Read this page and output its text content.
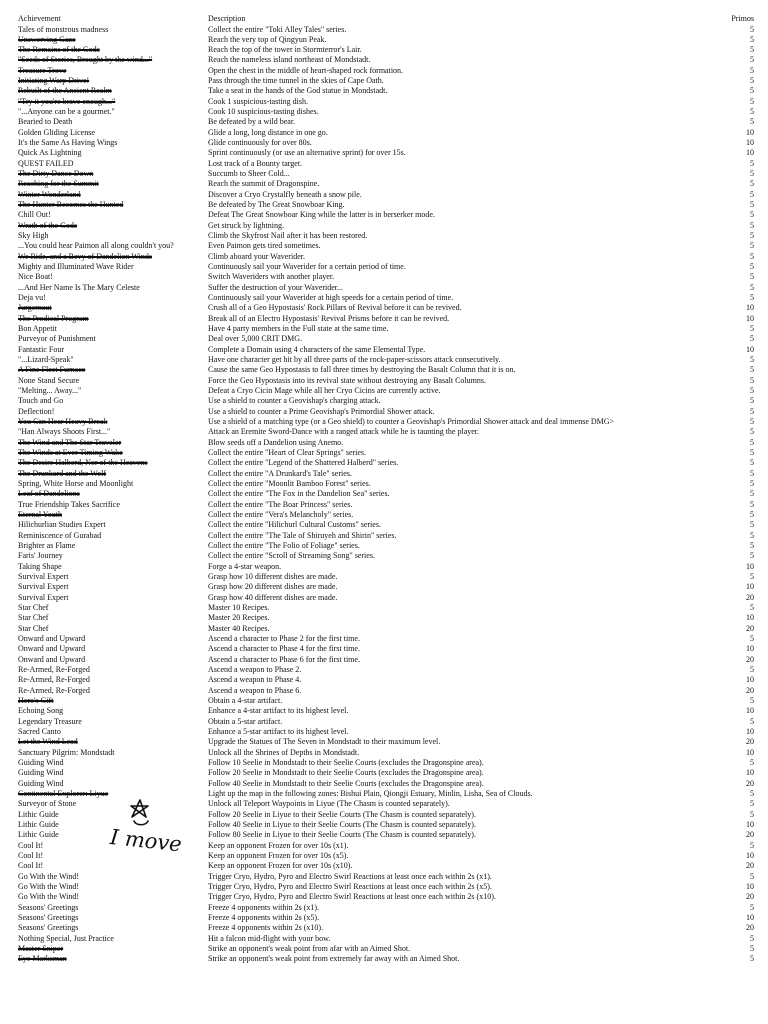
Achievement	Description	Primos
Tales of monstrous madness	Collect the entire "Toki Alley Tales" series.	5
Unswerving Gaze	Reach the very top of Qingyun Peak.	5
The Remains of the Gods	Reach the top of the tower in Stormterror's Lair.	5
"Seeds of Stories, Brought by the wind..."	Reach the nameless island northeast of Mondstadt.	5
Treasure Trove	Open the chest in the middle of heart-shaped rock formation.	5
Initiating Warp Drive!	Pass through the time tunnel in the skies of Cape Oath.	5
Rebuilt of the Ancient Realm	Take a seat in the hands of the God statue in Mondstadt.	5
"Try it you're brave enough..."	Cook 1 suspicious-tasting dish.	5
"...Anyone can be a gourmet."	Cook 10 suspicious-tasting dishes.	5
Bearied to Death	Be defeated by a wild bear.	5
Golden Gliding License	Glide a long, long distance in one go.	10
It's the Same As Having Wings	Glide continuously for over 80s.	10
Quick As Lightning	Sprint continuously (or use an alternative sprint) for over 15s.	10
QUEST FAILED	Lost track of a Bounty target.	5
The Dirty Dance Down	Succumb to Sheer Cold...	5
Reaching for the Summit	Reach the summit of Dragonspine.	5
Winter Wonderland	Discover a Cryo Crystalfly beneath a snow pile.	5
The Hunter Becomes the Hunted	Be defeated by The Great Snowboar King.	5
Chill Out!	Defeat The Great Snowboar King while the latter is in berserker mode.	5
Wrath of the Gods	Get struck by lightning.	5
Sky High	Climb the Skyfrost Nail after it has been restored.	5
...You could hear Paimon all along couldn't you?	Even Paimon gets tired sometimes.	5
We Ride, and a Bevy of Dandelion Winds	Climb aboard your Waverider.	5
Mighty and Illuminated Wave Rider	Continuously sail your Waverider for a certain period of time.	5
Nice Boat!	Switch Waveriders with another player.	5
...And Her Name Is The Mary Celeste	Suffer the destruction of your Waverider...	5
Deja vu!	Continuously sail your Waverider at high speeds for a certain period of time.	5
Jurgernaut	Crush all of a Geo Hypostasis' Rock Pillars of Revival before it can be revived.	10
The Prodical Program	Break all of an Electro Hypostasis' Revival Prisms before it can be revived.	10
Bon Appetit	Have 4 party members in the Full state at the same time.	5
Purveyor of Punishment	Deal over 5,000 CRIT DMG.	5
Fantastic Four	Complete a Domain using 4 characters of the same Elemental Type.	10
"...Lizard-Speak"	Have one character get hit by all three parts of the rock-paper-scissors attack consecutively.	5
A Fine Fleet Furnace	Cause the same Geo Hypostasis to fall three times by destroying the Basalt Column that it is on.	5
None Stand Secure	Force the Geo Hypostasis into its revival state without destroying any Basalt Columns.	5
"Melting... Away..."	Defeat a Cryo Cicin Mage while all her Cryo Cicins are currently active.	5
Touch and Go	Use a shield to counter a Geovishap's charging attack.	5
Deflection!	Use a shield to counter a Prime Geovishap's Primordial Shower attack.	5
You Can Hear Heavy Break	Use a shield of a matching type (or a Geo shield) to counter a Geovishap's Primordial Shower attack and deal immense DMG>	5
"Han Always Shoots First..."	Attack an Eremite Sword-Dance with a ranged attack while he is taunting the player.	5
The Wind and The Star Traveler	Blow seeds off a Dandelion using Anemo.	5
The Winds at Ever Timing Wake	Collect the entire "Heart of Clear Springs" series.	5
The Desire Halberd, Nor of the Heavens	Collect the entire "Legend of the Shattered Halberd" series.	5
The Drunkard and the Wolf	Collect the entire "A Drunkard's Tale" series.	5
Spring, White Horse and Moonlight	Collect the entire "Moonlit Bamboo Forest" series.	5
Leaf of Dandelions	Collect the entire "The Fox in the Dandelion Sea" series.	5
True Friendship Takes Sacrifice	Collect the entire "The Boar Princess" series.	5
Eternal Youth	Collect the entire "Vera's Melancholy" series.	5
Hilichurlian Studies Expert	Collect the entire "Hilichurl Cultural Customs" series.	5
Reminiscence of Gurabad	Collect the entire "The Tale of Shiruyeh and Shirin" series.	5
Brighter as Flame	Collect the entire "The Folio of Foliage" series.	5
Faris' Journey	Collect the entire "Scroll of Streaming Song" series.	5
Taking Shape	Forge a 4-star weapon.	10
Survival Expert	Grasp how 10 different dishes are made.	5
Survival Expert	Grasp how 20 different dishes are made.	10
Survival Expert	Grasp how 40 different dishes are made.	20
Star Chef	Master 10 Recipes.	5
Star Chef	Master 20 Recipes.	10
Star Chef	Master 40 Recipes.	20
Onward and Upward	Ascend a character to Phase 2 for the first time.	5
Onward and Upward	Ascend a character to Phase 4 for the first time.	10
Onward and Upward	Ascend a character to Phase 6 for the first time.	20
Re-Armed, Re-Forged	Ascend a weapon to Phase 2.	5
Re-Armed, Re-Forged	Ascend a weapon to Phase 4.	10
Re-Armed, Re-Forged	Ascend a weapon to Phase 6.	20
Hero's Gift	Obtain a 4-star artifact.	5
Echoing Song	Enhance a 4-star artifact to its highest level.	10
Legendary Treasure	Obtain a 5-star artifact.	5
Sacred Canto	Enhance a 5-star artifact to its highest level.	10
Let the Wind Lead	Upgrade the Statues of The Seven in Mondstadt to their maximum level.	20
Sanctuary Pilgrim: Mondstadt	Unlock all the Shrines of Depths in Mondstadt.	10
Guiding Wind	Follow 10 Seelie in Mondstadt to their Seelie Courts (excludes the Dragonspine area).	5
Guiding Wind	Follow 20 Seelie in Mondstadt to their Seelie Courts (excludes the Dragonspine area).	10
Guiding Wind	Follow 40 Seelie in Mondstadt to their Seelie Courts (excludes the Dragonspine area).	20
Continental Explorer: Liyue	Light up the map in the following zones: Bishui Plain, Qiongji Estuary, Minlin, Lisha, Sea of Clouds.	5
Surveyor of Stone	Unlock all Teleport Waypoints in Liyue (The Chasm is counted separately).	5
Lithic Guide	Follow 20 Seelie in Liyue to their Seelie Courts (The Chasm is counted separately).	5
Lithic Guide	Follow 40 Seelie in Liyue to their Seelie Courts (The Chasm is counted separately).	10
Lithic Guide	Follow 80 Seelie in Liyue to their Seelie Courts (The Chasm is counted separately).	20
Cool It!	Keep an opponent Frozen for over 10s (x1).	5
Cool It!	Keep an opponent Frozen for over 10s (x5).	10
Cool It!	Keep an opponent Frozen for over 10s (x10).	20
Go With the Wind!	Trigger Cryo, Hydro, Pyro and Electro Swirl Reactions at least once each within 2s (x1).	5
Go With the Wind!	Trigger Cryo, Hydro, Pyro and Electro Swirl Reactions at least once each within 2s (x5).	10
Go With the Wind!	Trigger Cryo, Hydro, Pyro and Electro Swirl Reactions at least once each within 2s (x10).	20
Seasons' Greetings	Freeze 4 opponents within 2s (x1).	5
Seasons' Greetings	Freeze 4 opponents within 2s (x5).	10
Seasons' Greetings	Freeze 4 opponents within 2s (x10).	20
Nothing Special, Just Practice	Hit a falcon mid-flight with your bow.	5
Master Sniper	Strike an opponent's weak point from afar with an Aimed Shot.	5
Eye Marksman	Strike an opponent's weak point from extremely far away with an Aimed Shot.	5
I move
